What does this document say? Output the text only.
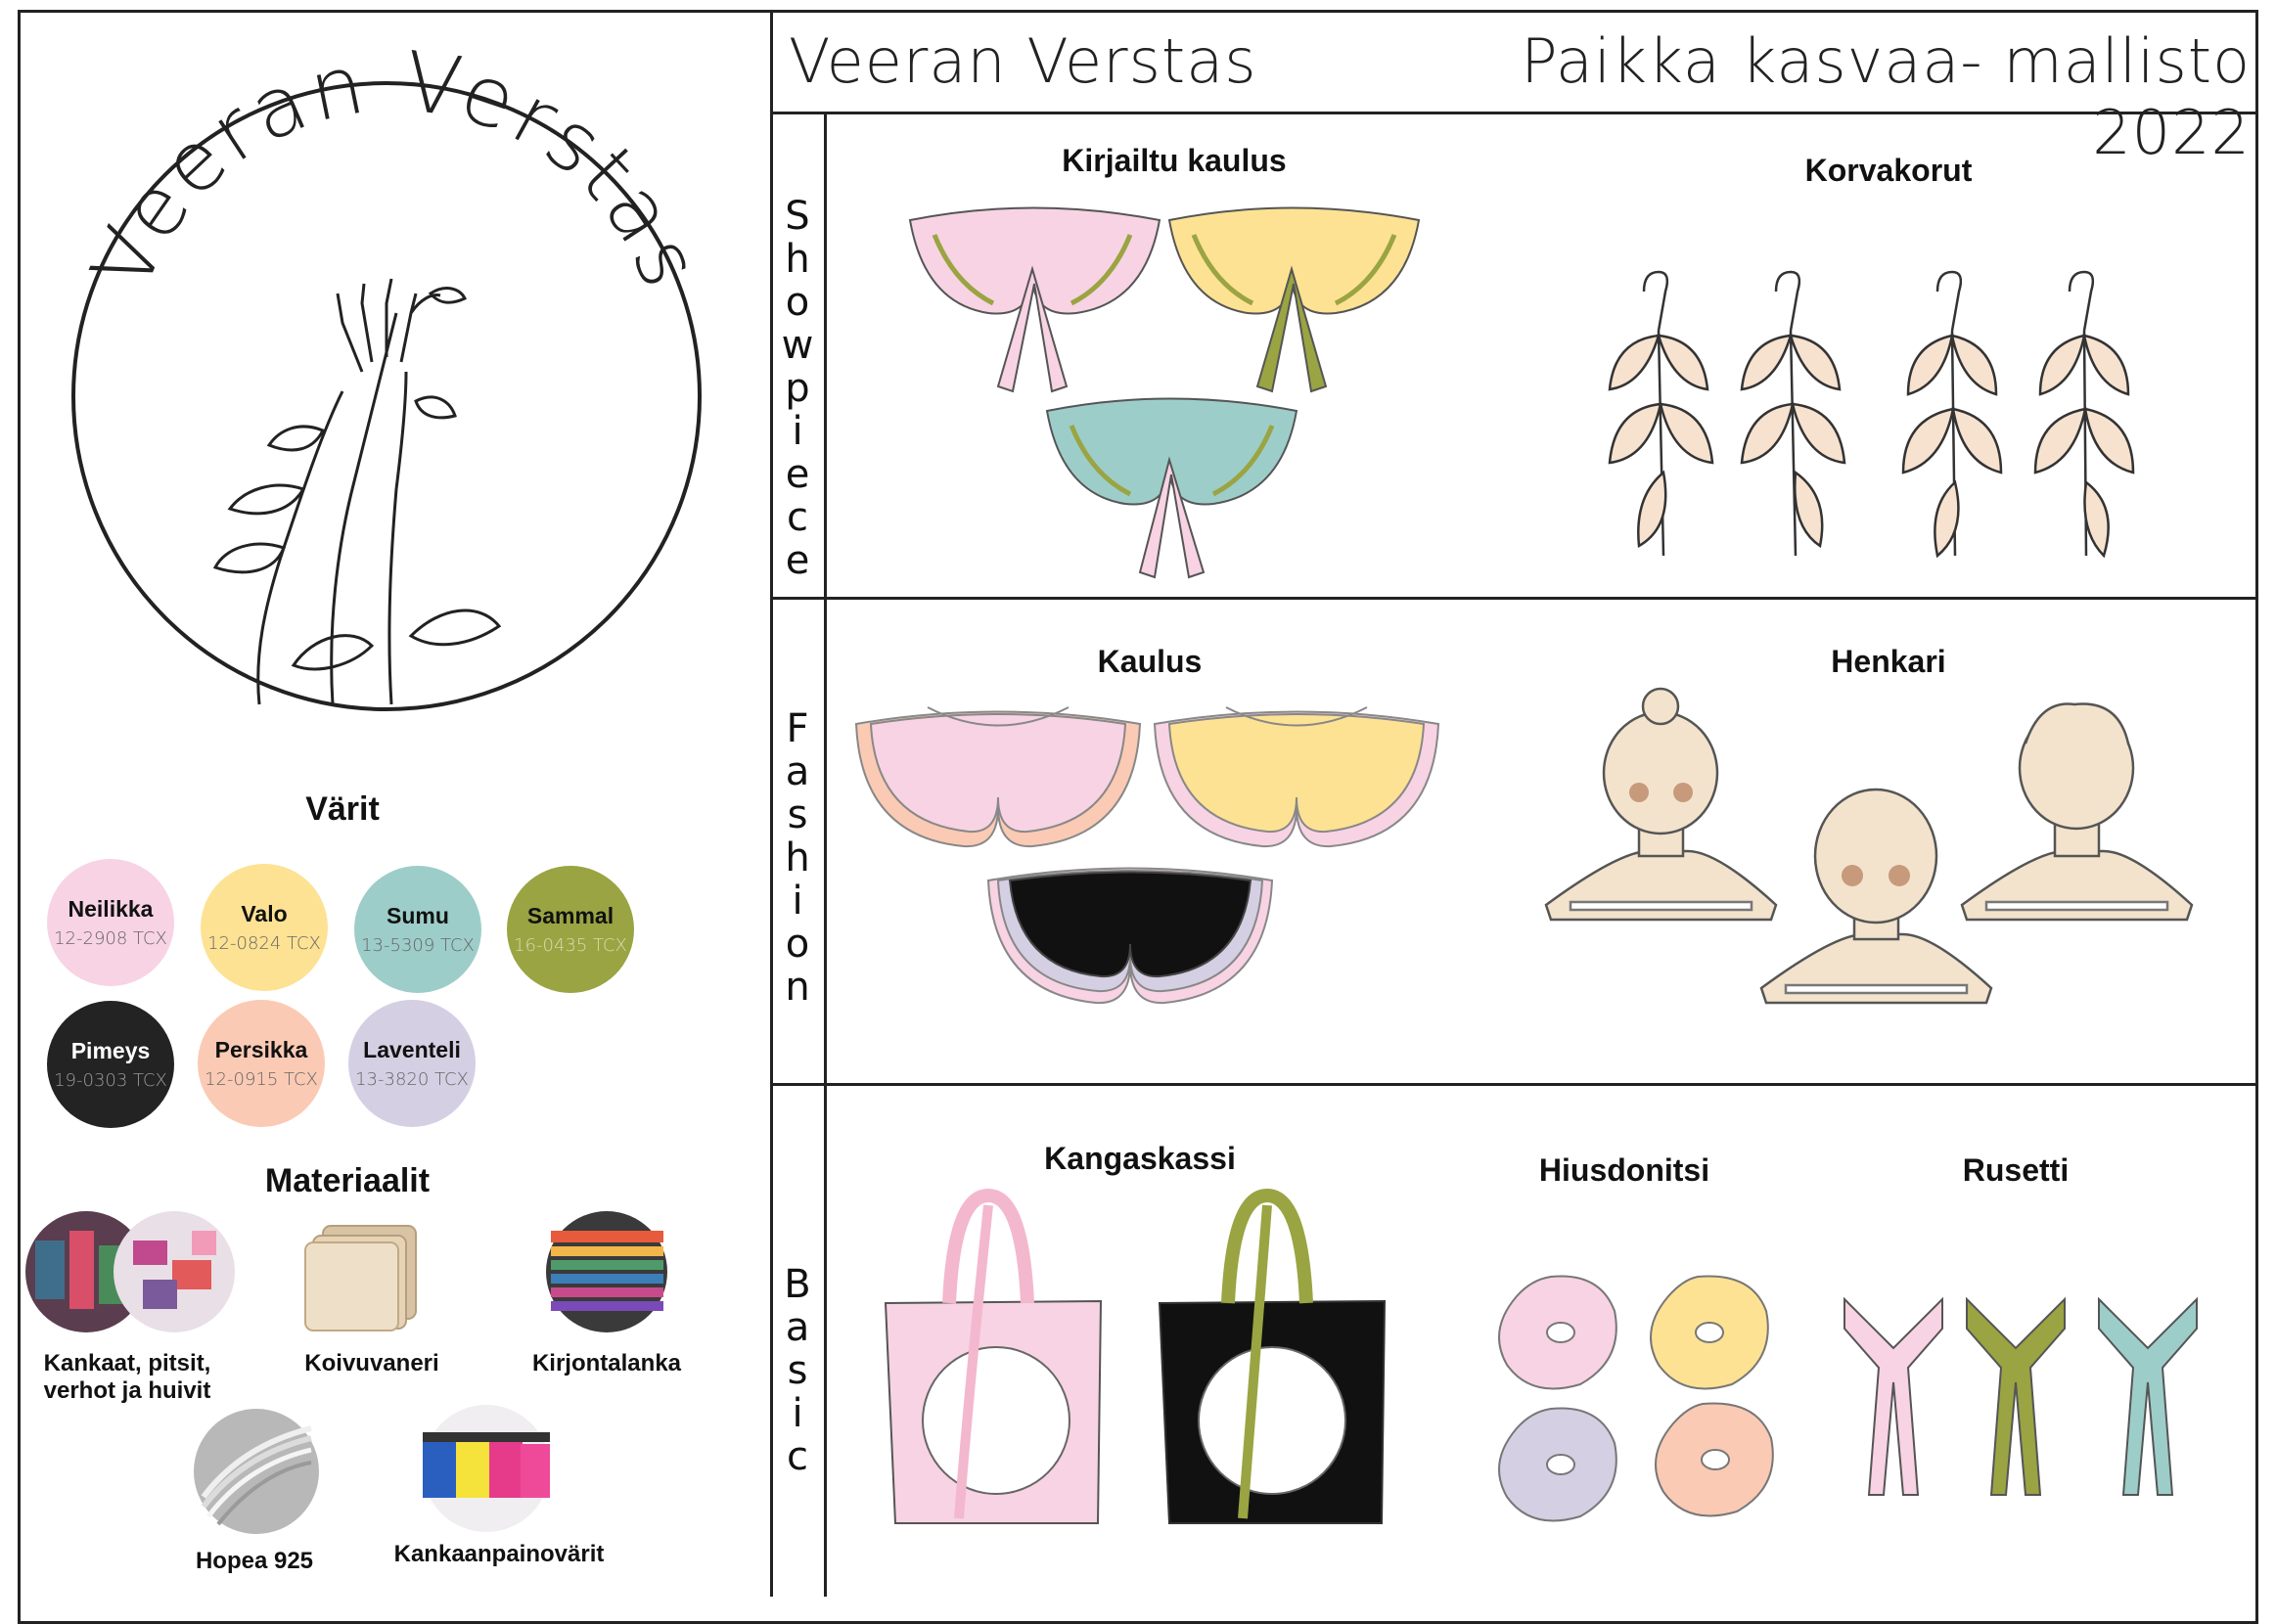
Veeran Verstas	Paikka kasvaa- mallisto 2022
Veeran Verstas
Värit
Neilikka
12-2908 TCX
Valo
12-0824 TCX
Sumu
13-5309 TCX
Sammal
16-0435 TCX
Pimeys
19-0303 TCX
Persikka
12-0915 TCX
Laventeli
13-3820 TCX
Materiaalit
Kankaat, pitsit,
verhot ja huivit
Koivuvaneri	Kirjontalanka
Hopea 925	Kankaanpainovärit
Showpiece
Fashion
Basic
Kirjailtu kaulus	Korvakorut
Kaulus	Henkari
Kangaskassi	Hiusdonitsi	Rusetti
